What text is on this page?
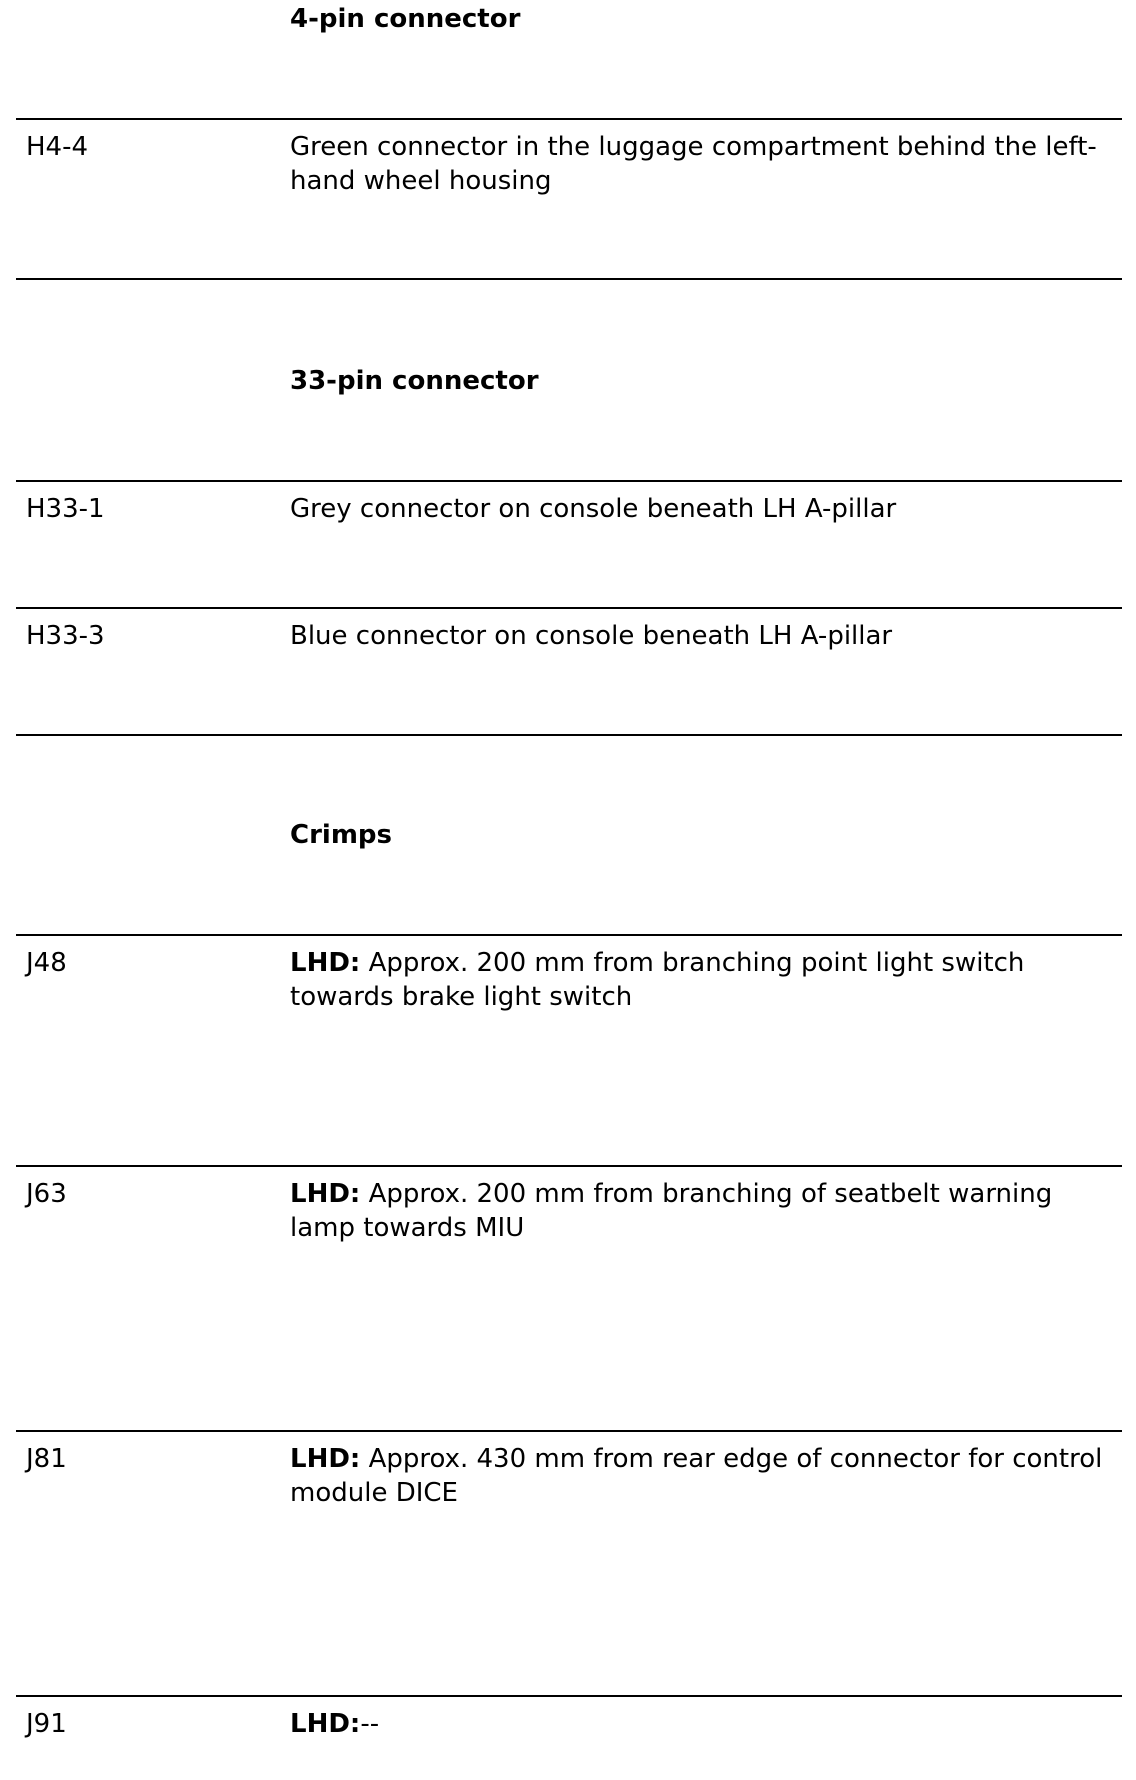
4-pin connector
H4-4	Green connector in the luggage compartment behind the left-hand wheel housing
33-pin connector
H33-1	Grey connector on console beneath LH A-pillar
H33-3	Blue connector on console beneath LH A-pillar
Crimps
J48	LHD: Approx. 200 mm from branching point light switch towards brake light switch
J63	LHD: Approx. 200 mm from branching of seatbelt warning lamp towards MIU
J81	LHD: Approx. 430 mm from rear edge of connector for control module DICE
J91	LHD:--
